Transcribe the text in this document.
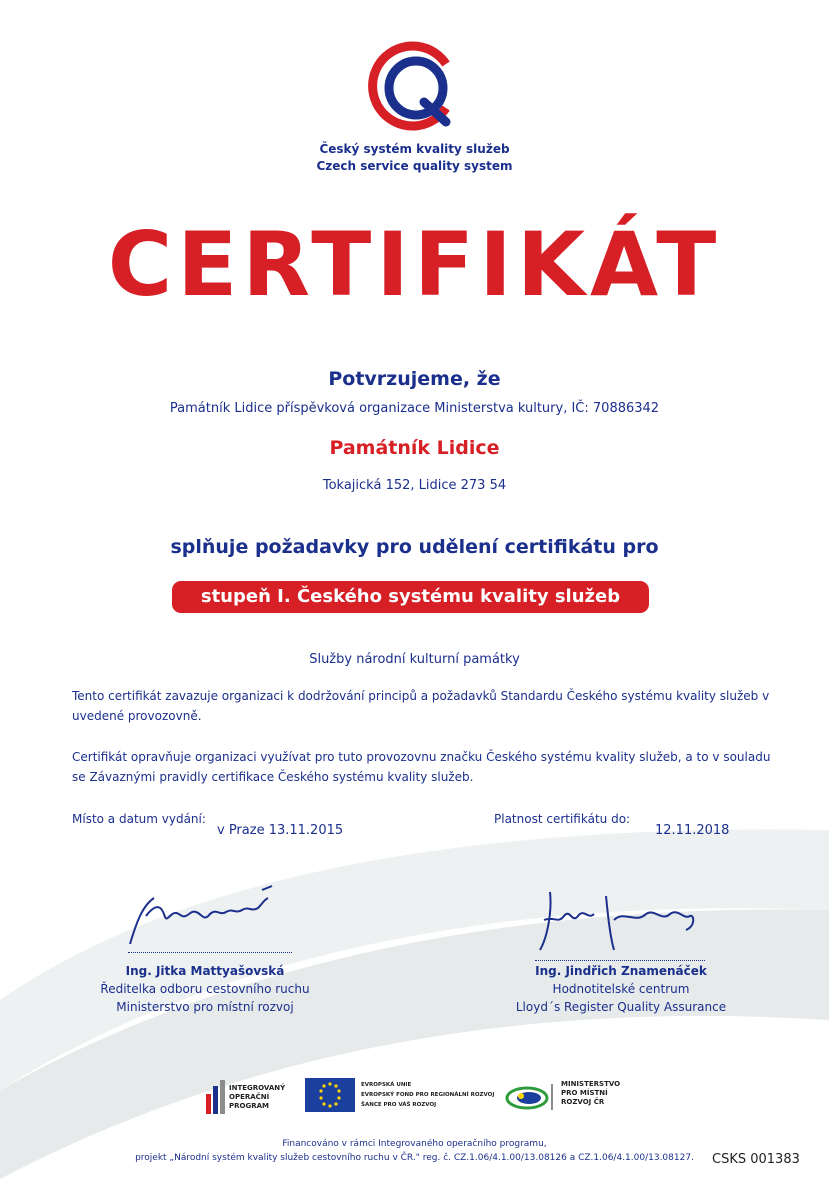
Český systém kvality služeb
Czech service quality system
CERTIFIKÁT
Potvrzujeme, že
Památník Lidice příspěvková organizace Ministerstva kultury, IČ: 70886342
Památník Lidice
Tokajická 152, Lidice 273 54
splňuje požadavky pro udělení certifikátu pro
stupeň I. Českého systému kvality služeb
Služby národní kulturní památky
Tento certifikát zavazuje organizaci k dodržování principů a požadavků Standardu Českého systému kvality služeb v uvedené provozovně.
Certifikát opravňuje organizaci využívat pro tuto provozovnu značku Českého systému kvality služeb, a to v souladu se Závaznými pravidly certifikace Českého systému kvality služeb.
Místo a datum vydání:
v Praze 13.11.2015
Platnost certifikátu do:
12.11.2018
Ing. Jitka Mattyašovská
Ředitelka odboru cestovního ruchu
Ministerstvo pro místní rozvoj
Ing. Jindřich Znamenáček
Hodnotitelské centrum
Lloyd´s Register Quality Assurance
INTEGROVANÝ
OPERAČNÍ
PROGRAM
EVROPSKÁ UNIE
EVROPSKÝ FOND PRO REGIONÁLNÍ ROZVOJ
ŠANCE PRO VÁŠ ROZVOJ
MINISTERSTVO
PRO MÍSTNÍ
ROZVOJ ČR
Financováno v rámci Integrovaného operačního programu,
projekt „Národní systém kvality služeb cestovního ruchu v ČR." reg. č. CZ.1.06/4.1.00/13.08126 a CZ.1.06/4.1.00/13.08127.	CSKS 001383
